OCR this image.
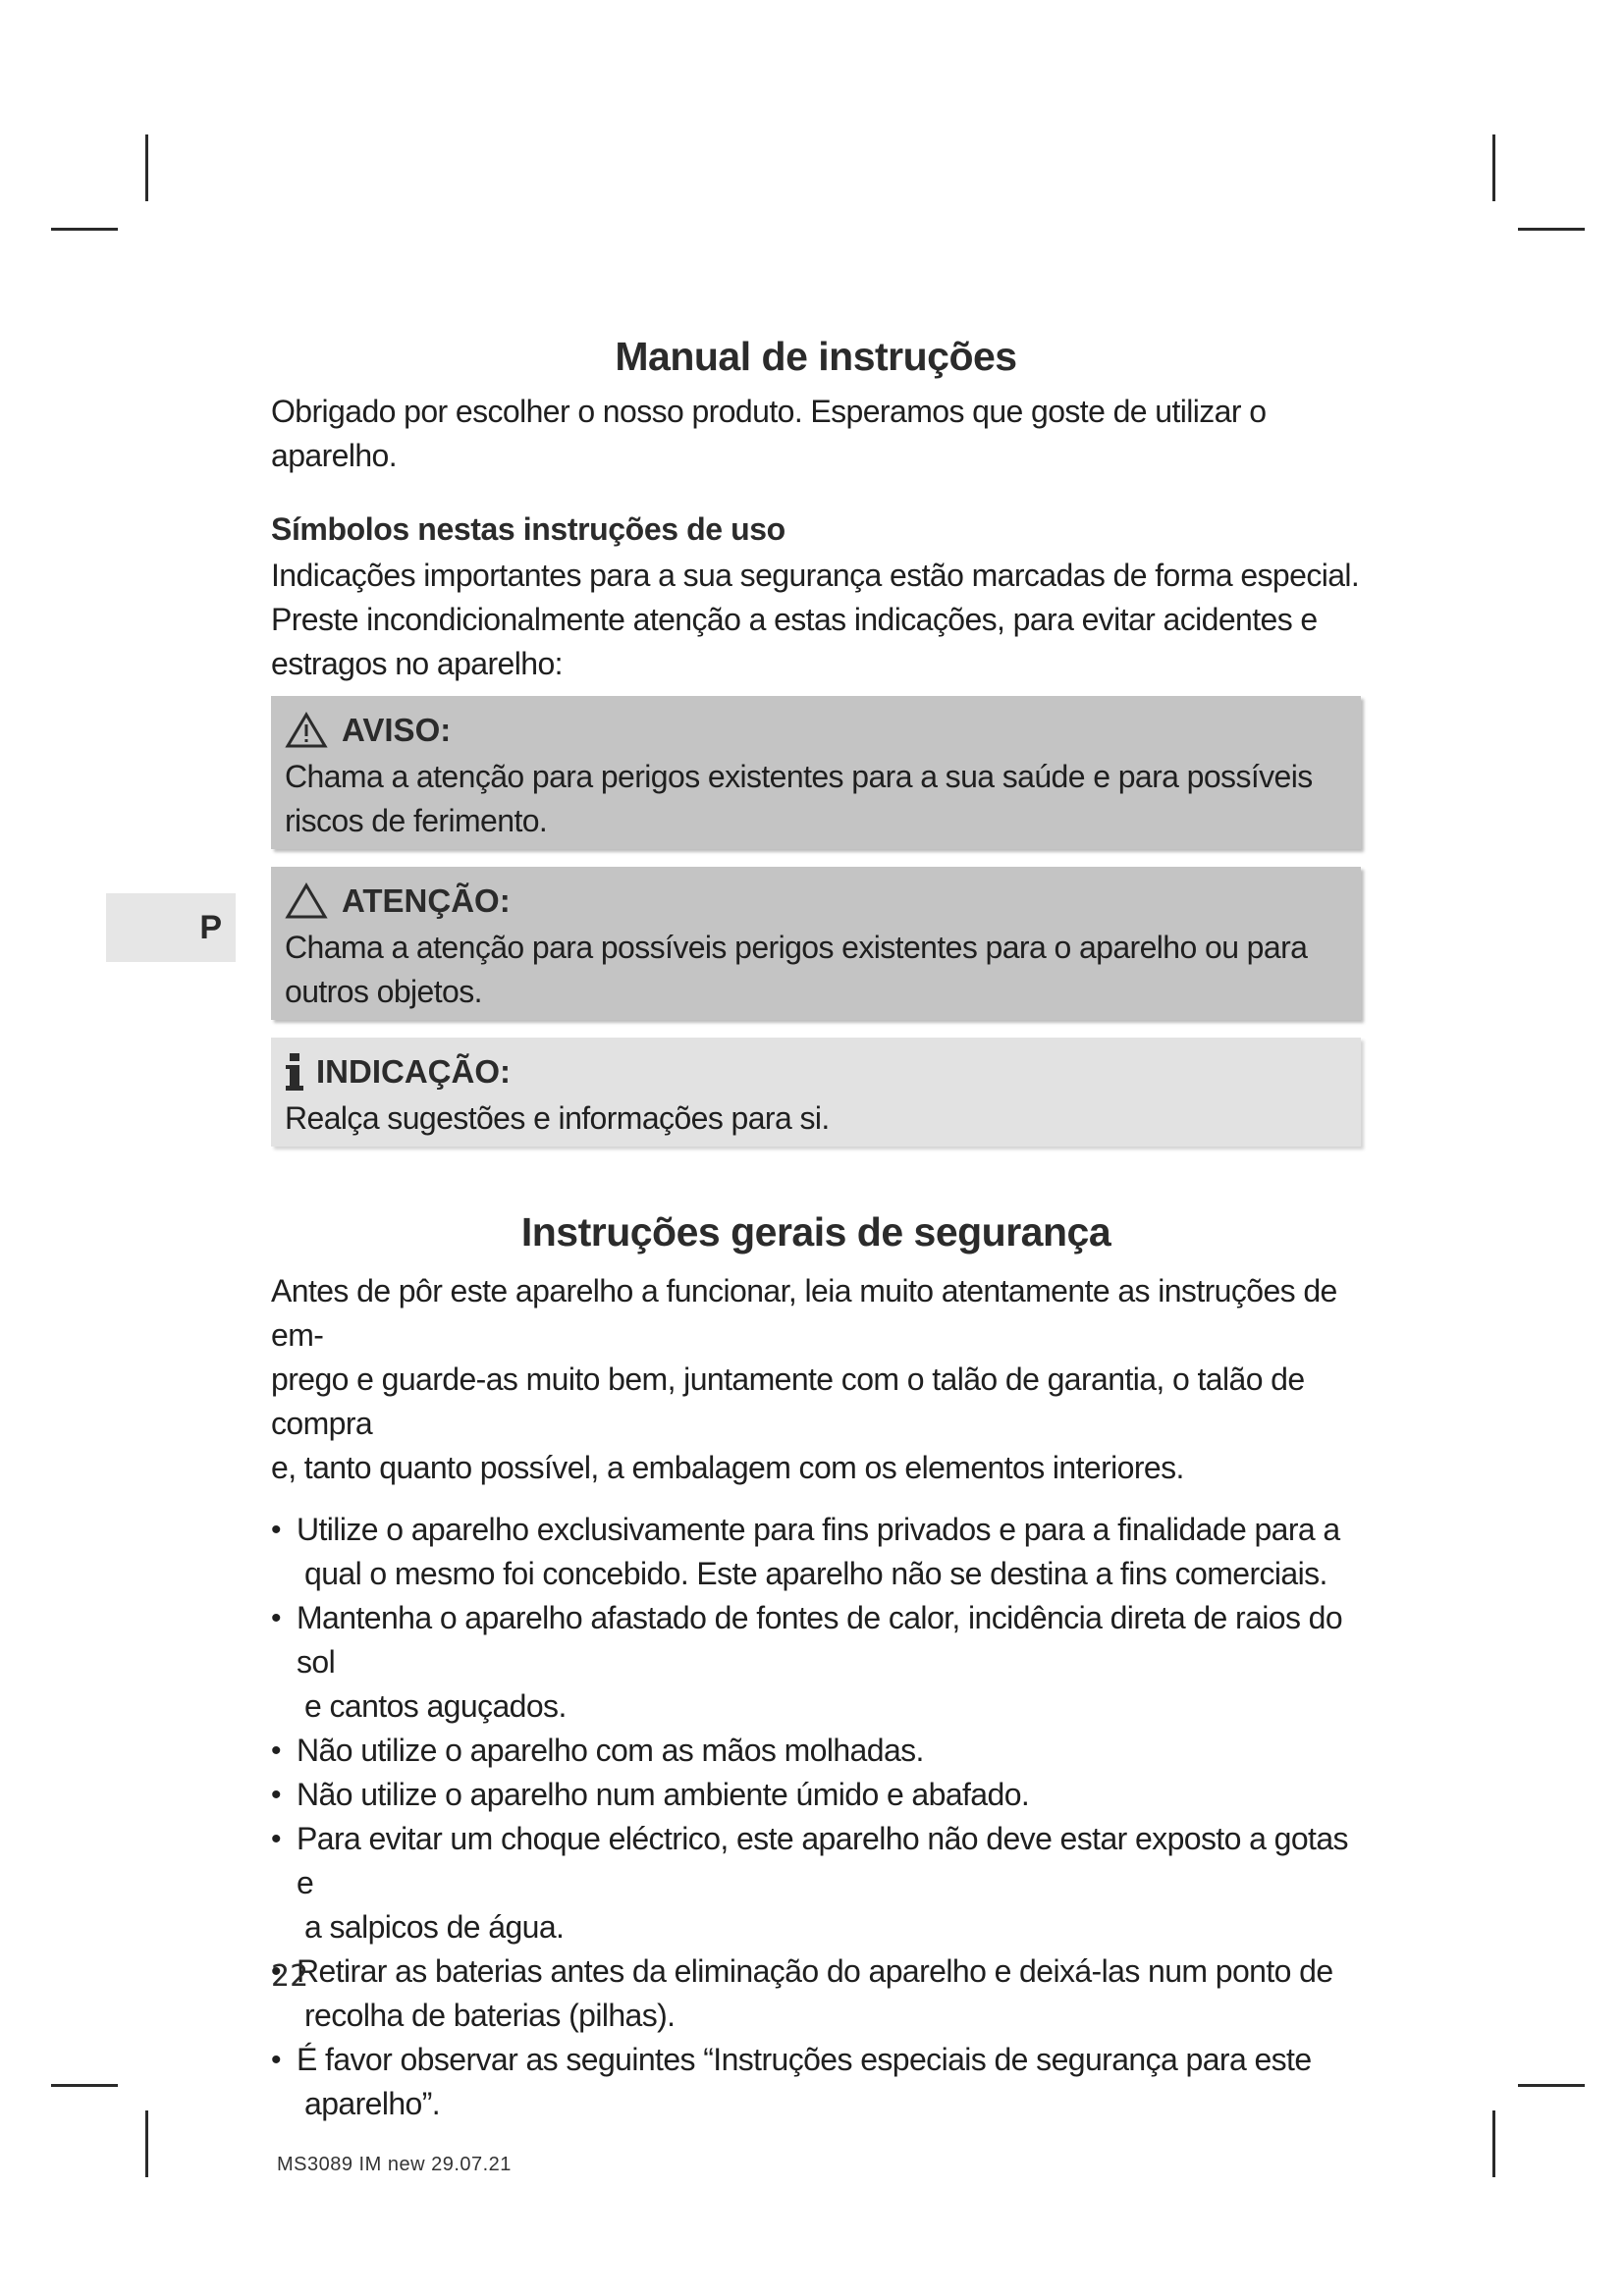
P
Manual de instruções

Obrigado por escolher o nosso produto. Esperamos que goste de utilizar o aparelho.

Símbolos nestas instruções de uso

Indicações importantes para a sua segurança estão marcadas de forma especial.
Preste incondicionalmente atenção a estas indicações, para evitar acidentes e
estragos no aparelho:

AVISO:

Chama a atenção para perigos existentes para a sua saúde e para possíveis
riscos de ferimento.

ATENÇÃO:

Chama a atenção para possíveis perigos existentes para o aparelho ou para
outros objetos.

INDICAÇÃO:

Realça sugestões e informações para si.

Instruções gerais de segurança

Antes de pôr este aparelho a funcionar, leia muito atentamente as instruções de em-
prego e guarde-as muito bem, juntamente com o talão de garantia, o talão de compra
e, tanto quanto possível, a embalagem com os elementos interiores.

• Utilize o aparelho exclusivamente para fins privados e para a finalidade para a
qual o mesmo foi concebido. Este aparelho não se destina a fins comerciais.
• Mantenha o aparelho afastado de fontes de calor, incidência direta de raios do sol
e cantos aguçados.
• Não utilize o aparelho com as mãos molhadas.
• Não utilize o aparelho num ambiente úmido e abafado.
• Para evitar um choque eléctrico, este aparelho não deve estar exposto a gotas e
a salpicos de água.
• Retirar as baterias antes da eliminação do aparelho e deixá-las num ponto de
recolha de baterias (pilhas).
• É favor observar as seguintes “Instruções especiais de segurança para este
aparelho”.
22
MS3089 IM new 29.07.21
